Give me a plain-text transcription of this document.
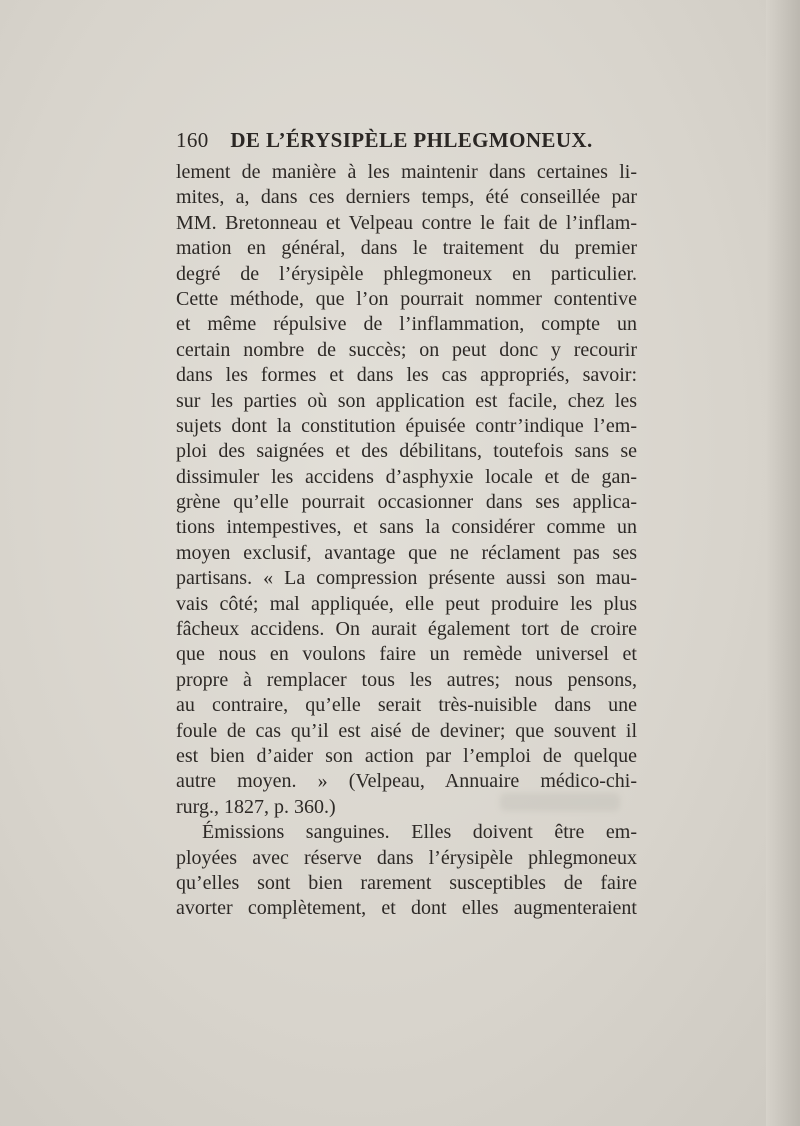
160 DE L’ÉRYSIPÈLE PHLEGMONEUX.
lement de manière à les maintenir dans certaines li-
mites, a, dans ces derniers temps, été conseillée par
MM. Bretonneau et Velpeau contre le fait de l’inflam-
mation en général, dans le traitement du premier
degré de l’érysipèle phlegmoneux en particulier.
Cette méthode, que l’on pourrait nommer contentive
et même répulsive de l’inflammation, compte un
certain nombre de succès; on peut donc y recourir
dans les formes et dans les cas appropriés, savoir:
sur les parties où son application est facile, chez les
sujets dont la constitution épuisée contr’indique l’em-
ploi des saignées et des débilitans, toutefois sans se
dissimuler les accidens d’asphyxie locale et de gan-
grène qu’elle pourrait occasionner dans ses applica-
tions intempestives, et sans la considérer comme un
moyen exclusif, avantage que ne réclament pas ses
partisans. « La compression présente aussi son mau-
vais côté; mal appliquée, elle peut produire les plus
fâcheux accidens. On aurait également tort de croire
que nous en voulons faire un remède universel et
propre à remplacer tous les autres; nous pensons,
au contraire, qu’elle serait très-nuisible dans une
foule de cas qu’il est aisé de deviner; que souvent il
est bien d’aider son action par l’emploi de quelque
autre moyen. » (Velpeau, Annuaire médico-chi-
rurg., 1827, p. 360.)
Émissions sanguines. Elles doivent être em-
ployées avec réserve dans l’érysipèle phlegmoneux
qu’elles sont bien rarement susceptibles de faire
avorter complètement, et dont elles augmenteraient
